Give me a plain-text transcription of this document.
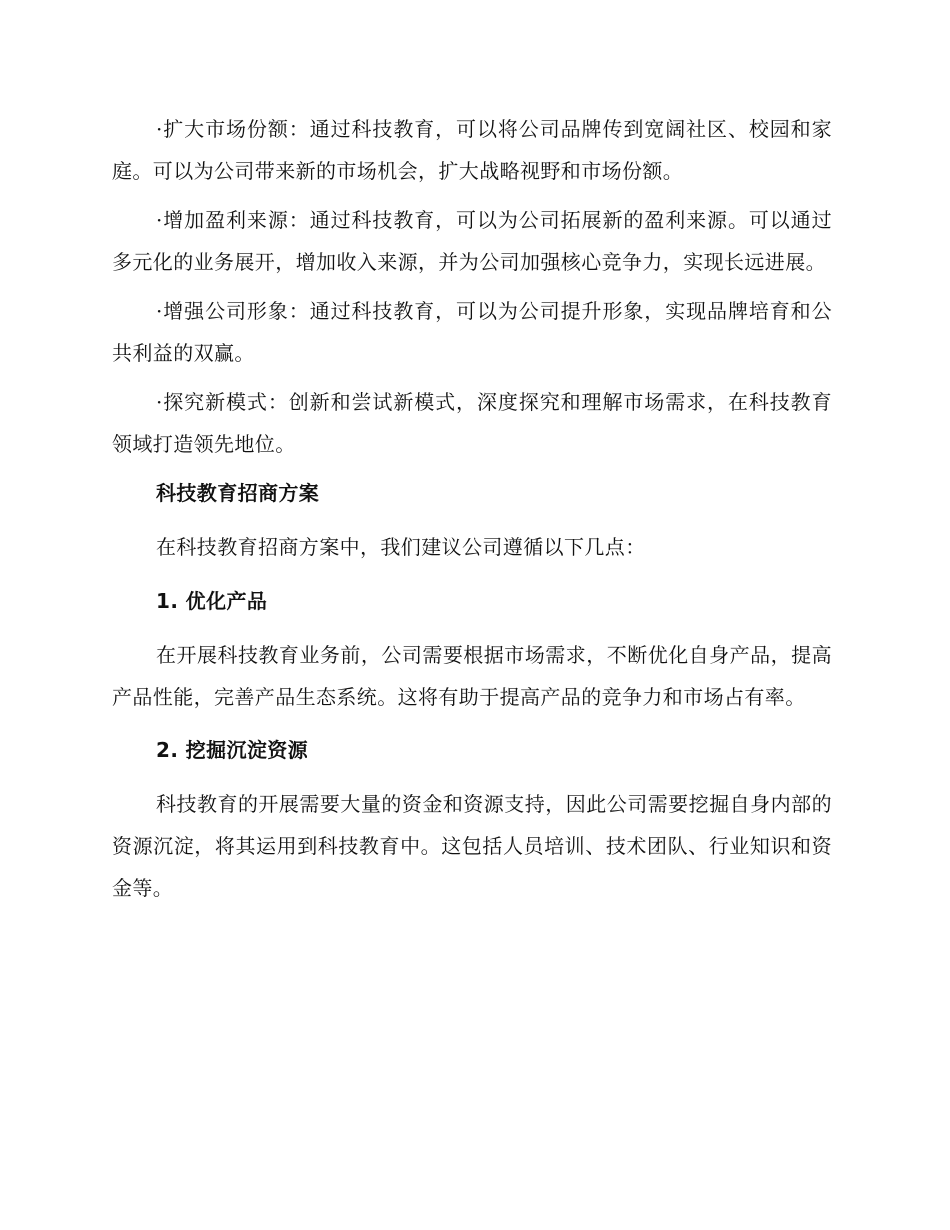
·扩大市场份额：通过科技教育，可以将公司品牌传到宽阔社区、校园和家庭。可以为公司带来新的市场机会，扩大战略视野和市场份额。

·增加盈利来源：通过科技教育，可以为公司拓展新的盈利来源。可以通过多元化的业务展开，增加收入来源，并为公司加强核心竞争力，实现长远进展。

·增强公司形象：通过科技教育，可以为公司提升形象，实现品牌培育和公共利益的双赢。

·探究新模式：创新和尝试新模式，深度探究和理解市场需求，在科技教育领域打造领先地位。

科技教育招商方案

在科技教育招商方案中，我们建议公司遵循以下几点：

1. 优化产品

在开展科技教育业务前，公司需要根据市场需求，不断优化自身产品，提高产品性能，完善产品生态系统。这将有助于提高产品的竞争力和市场占有率。

2. 挖掘沉淀资源

科技教育的开展需要大量的资金和资源支持，因此公司需要挖掘自身内部的资源沉淀，将其运用到科技教育中。这包括人员培训、技术团队、行业知识和资金等。
